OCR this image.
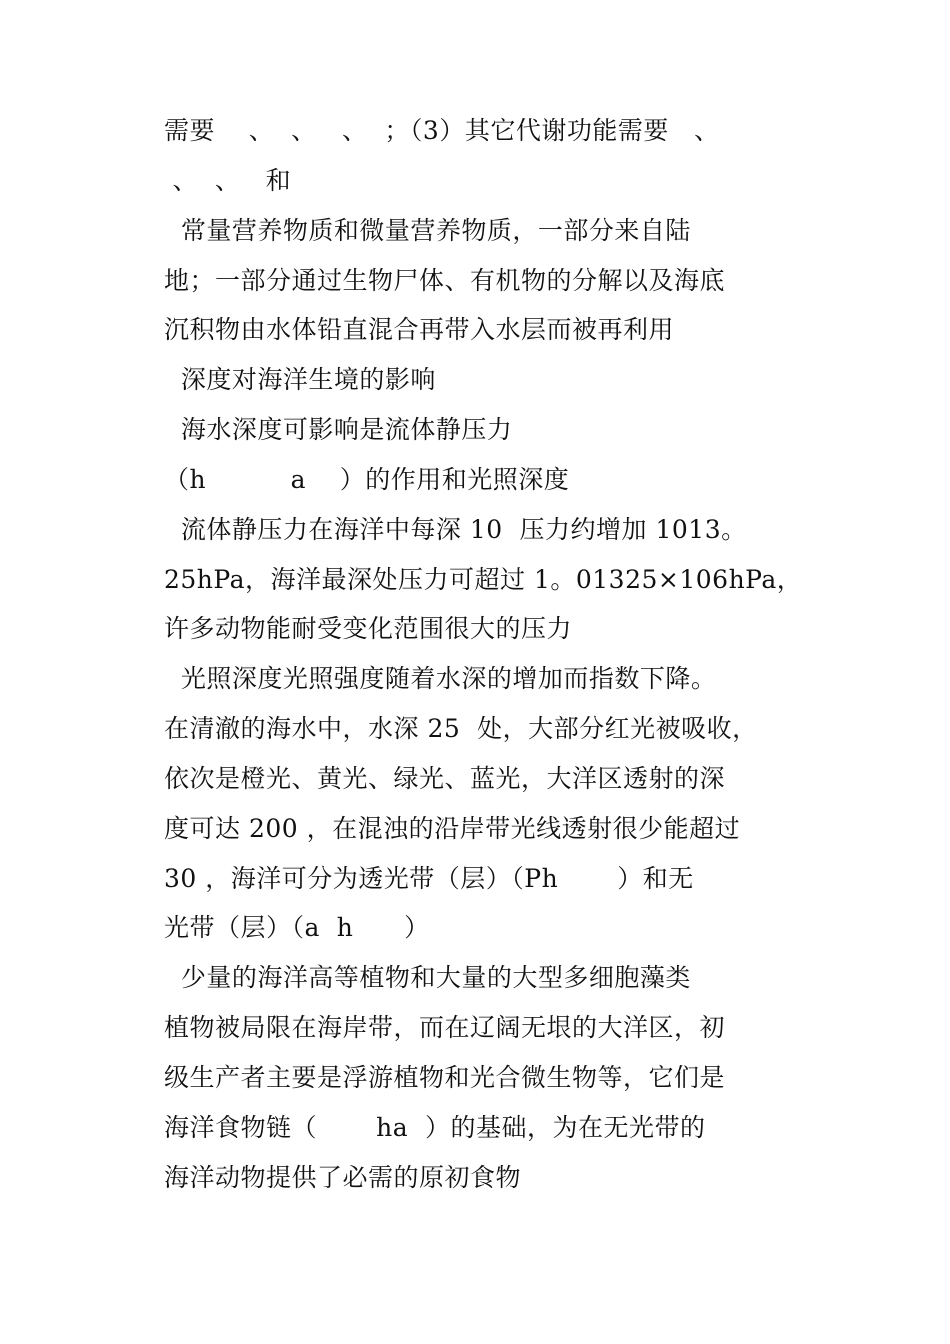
需要    、  、   、  ；（3）其它代谢功能需要   、
、  、   和
常量营养物质和微量营养物质，一部分来自陆
地；一部分通过生物尸体、有机物的分解以及海底
沉积物由水体铅直混合再带入水层而被再利用
深度对海洋生境的影响
海水深度可影响是流体静压力
（h          a    ）的作用和光照深度
流体静压力在海洋中每深 10  压力约增加 1013。
25hPa，海洋最深处压力可超过 1。01325×106hPa，
许多动物能耐受变化范围很大的压力
光照深度光照强度随着水深的增加而指数下降。
在清澈的海水中，水深 25  处，大部分红光被吸收，
依次是橙光、黄光、绿光、蓝光，大洋区透射的深
度可达 200 ，在混浊的沿岸带光线透射很少能超过
30 ，海洋可分为透光带（层）（Ph       ）和无
光带（层）（a  h      ）
少量的海洋高等植物和大量的大型多细胞藻类
植物被局限在海岸带，而在辽阔无垠的大洋区，初
级生产者主要是浮游植物和光合微生物等，它们是
海洋食物链（       ha  ）的基础，为在无光带的
海洋动物提供了必需的原初食物
